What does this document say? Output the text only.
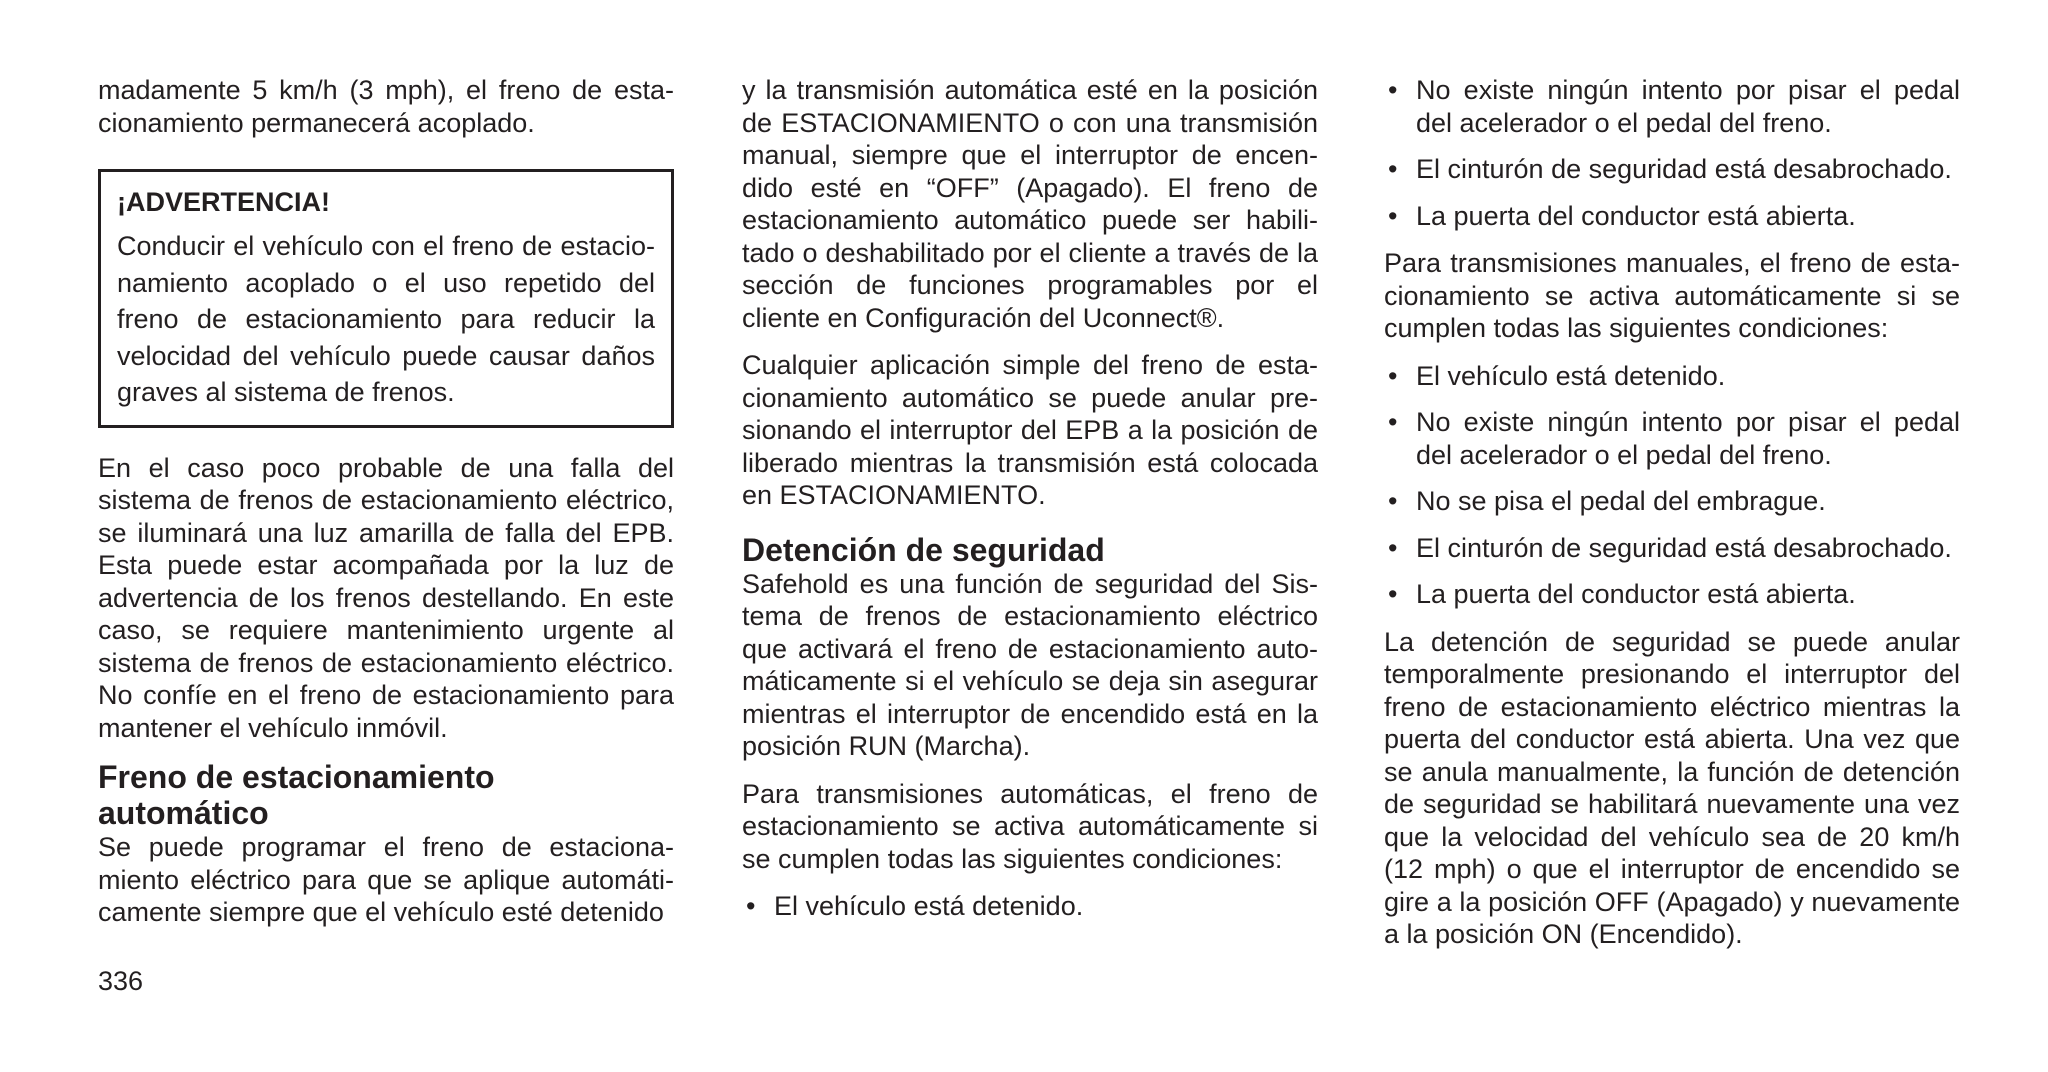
madamente 5 km/h (3 mph), el freno de esta- cionamiento permanecerá acoplado.

¡ADVERTENCIA!

Conducir el vehículo con el freno de estacio- namiento acoplado o el uso repetido del freno de estacionamiento para reducir la velocidad del vehículo puede causar daños graves al sistema de frenos.

En el caso poco probable de una falla del sistema de frenos de estacionamiento eléctrico, se iluminará una luz amarilla de falla del EPB. Esta puede estar acompañada por la luz de advertencia de los frenos destellando. En este caso, se requiere mantenimiento urgente al sistema de frenos de estacionamiento eléctrico. No confíe en el freno de estacionamiento para mantener el vehículo inmóvil.

Freno de estacionamiento
automático

Se puede programar el freno de estaciona- miento eléctrico para que se aplique automáti- camente siempre que el vehículo esté detenido

y la transmisión automática esté en la posición de ESTACIONAMIENTO o con una transmisión manual, siempre que el interruptor de encen- dido esté en “OFF” (Apagado). El freno de estacionamiento automático puede ser habili- tado o deshabilitado por el cliente a través de la sección de funciones programables por el cliente en Configuración del Uconnect®.

Cualquier aplicación simple del freno de esta- cionamiento automático se puede anular pre- sionando el interruptor del EPB a la posición de liberado mientras la transmisión está colocada en ESTACIONAMIENTO.

Detención de seguridad

Safehold es una función de seguridad del Sis- tema de frenos de estacionamiento eléctrico que activará el freno de estacionamiento auto- máticamente si el vehículo se deja sin asegurar mientras el interruptor de encendido está en la posición RUN (Marcha).

Para transmisiones automáticas, el freno de estacionamiento se activa automáticamente si se cumplen todas las siguientes condiciones:

• El vehículo está detenido.
• No existe ningún intento por pisar el pedal del acelerador o el pedal del freno.
• El cinturón de seguridad está desabrochado.
• La puerta del conductor está abierta.

Para transmisiones manuales, el freno de esta- cionamiento se activa automáticamente si se cumplen todas las siguientes condiciones:

• El vehículo está detenido.
• No existe ningún intento por pisar el pedal del acelerador o el pedal del freno.
• No se pisa el pedal del embrague.
• El cinturón de seguridad está desabrochado.
• La puerta del conductor está abierta.

La detención de seguridad se puede anular temporalmente presionando el interruptor del freno de estacionamiento eléctrico mientras la puerta del conductor está abierta. Una vez que se anula manualmente, la función de detención de seguridad se habilitará nuevamente una vez que la velocidad del vehículo sea de 20 km/h (12 mph) o que el interruptor de encendido se gire a la posición OFF (Apagado) y nuevamente a la posición ON (Encendido).

336
